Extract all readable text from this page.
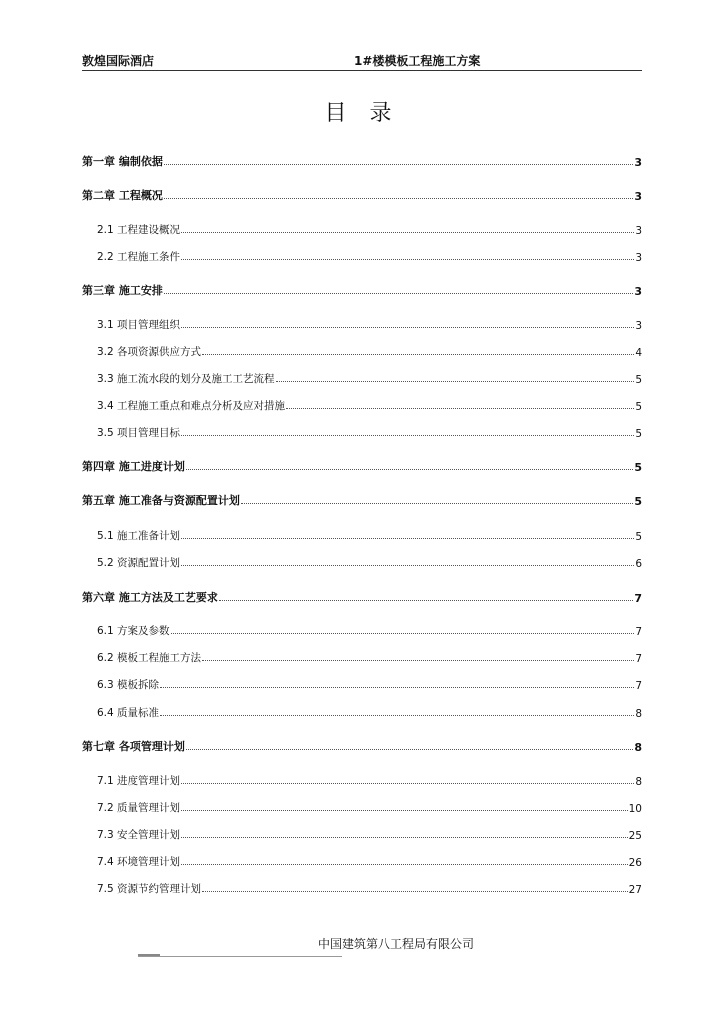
敦煌国际酒店	1#楼模板工程施工方案
目 录
第一章 编制依据	3
第二章 工程概况	3
2.1 工程建设概况	3
2.2 工程施工条件	3
第三章 施工安排	3
3.1 项目管理组织	3
3.2 各项资源供应方式	4
3.3 施工流水段的划分及施工工艺流程	5
3.4 工程施工重点和难点分析及应对措施	5
3.5 项目管理目标	5
第四章 施工进度计划	5
第五章 施工准备与资源配置计划	5
5.1 施工准备计划	5
5.2 资源配置计划	6
第六章 施工方法及工艺要求	7
6.1 方案及参数	7
6.2 模板工程施工方法	7
6.3 模板拆除	7
6.4 质量标准	8
第七章 各项管理计划	8
7.1 进度管理计划	8
7.2 质量管理计划	10
7.3 安全管理计划	25
7.4 环境管理计划	26
7.5 资源节约管理计划	27
中国建筑第八工程局有限公司
